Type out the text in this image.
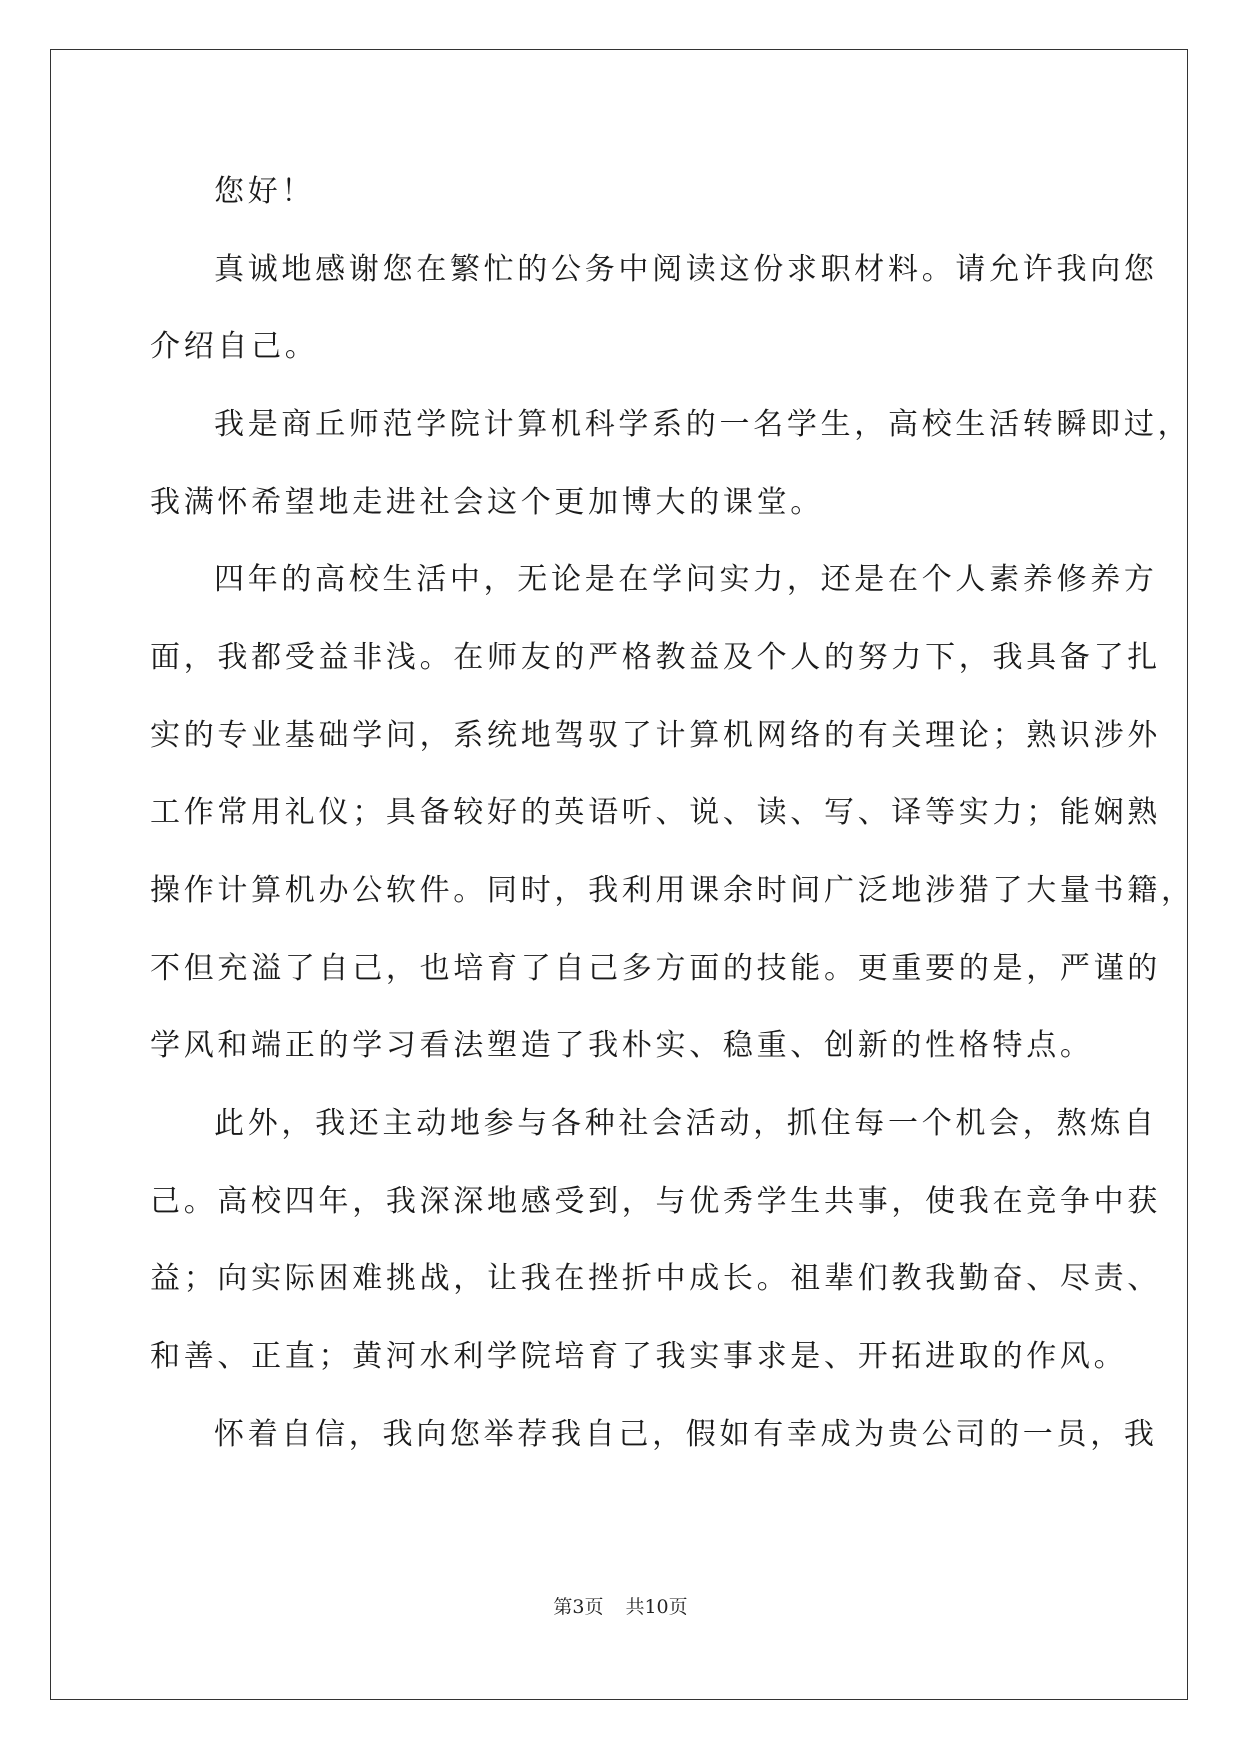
您好！
真诚地感谢您在繁忙的公务中阅读这份求职材料。请允许我向您
介绍自己。
我是商丘师范学院计算机科学系的一名学生，高校生活转瞬即过，
我满怀希望地走进社会这个更加博大的课堂。
四年的高校生活中，无论是在学问实力，还是在个人素养修养方
面，我都受益非浅。在师友的严格教益及个人的努力下，我具备了扎
实的专业基础学问，系统地驾驭了计算机网络的有关理论；熟识涉外
工作常用礼仪；具备较好的英语听、说、读、写、译等实力；能娴熟
操作计算机办公软件。同时，我利用课余时间广泛地涉猎了大量书籍，
不但充溢了自己，也培育了自己多方面的技能。更重要的是，严谨的
学风和端正的学习看法塑造了我朴实、稳重、创新的性格特点。
此外，我还主动地参与各种社会活动，抓住每一个机会，熬炼自
己。高校四年，我深深地感受到，与优秀学生共事，使我在竞争中获
益；向实际困难挑战，让我在挫折中成长。祖辈们教我勤奋、尽责、
和善、正直；黄河水利学院培育了我实事求是、开拓进取的作风。
怀着自信，我向您举荐我自己，假如有幸成为贵公司的一员，我
第3页 共10页
